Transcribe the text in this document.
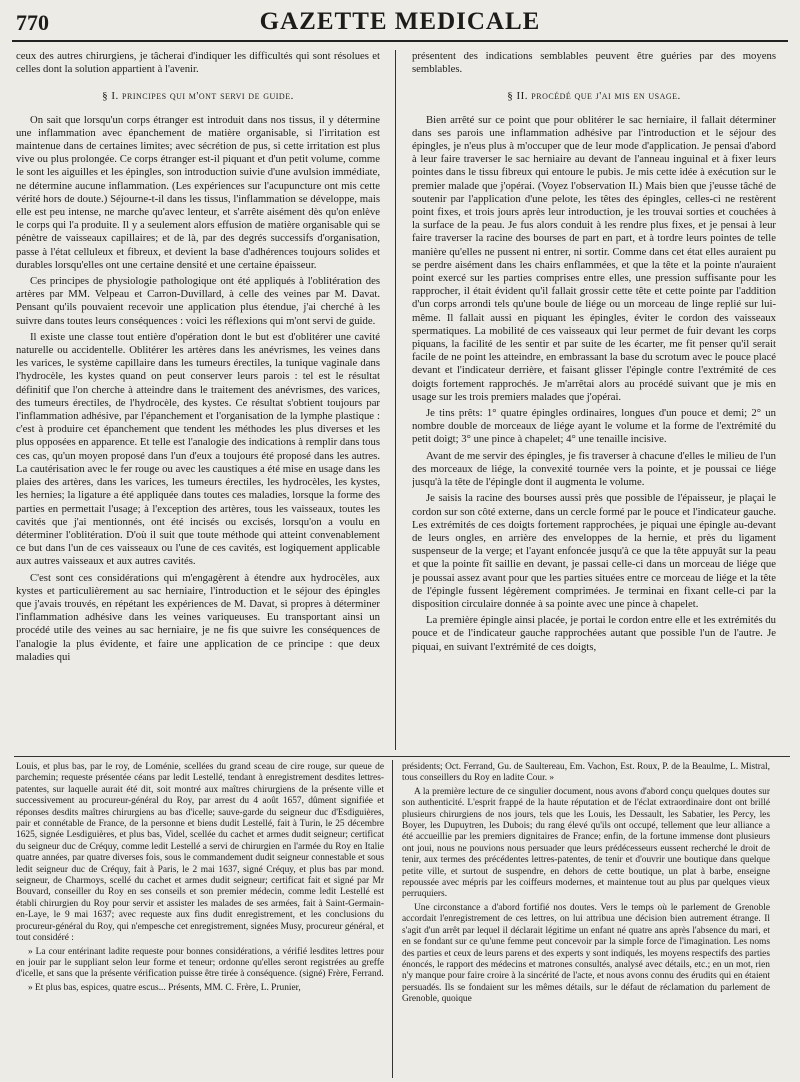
770	GAZETTE MEDICALE

ceux des autres chirurgiens, je tâcherai d'indiquer les difficultés qui sont résolues et celles dont la solution appartient à l'avenir.

§ I. principes qui m'ont servi de guide.

On sait que lorsqu'un corps étranger est introduit dans nos tissus, il y détermine une inflammation avec épanchement de matière organisable, si l'irritation est maintenue dans de certaines limites; avec sécrétion de pus, si cette irritation est plus vive ou plus prolongée. Ce corps étranger est-il piquant et d'un petit volume, comme le sont les aiguilles et les épingles, son introduction suivie d'une avulsion immédiate, ne détermine aucune inflammation. (Les expériences sur l'acupuncture ont mis cette vérité hors de doute.) Séjourne-t-il dans les tissus, l'inflammation se développe, mais elle est peu intense, ne marche qu'avec lenteur, et s'arrête aisément dès qu'on enlève le corps qui l'a produite. Il y a seulement alors effusion de matière organisable qui se pénètre de vaisseaux capillaires; et de là, par des degrés successifs d'organisation, passe à l'état celluleux et fibreux, et devient la base d'adhérences toujours solides et durables lorsqu'elles ont une certaine densité et une certaine épaisseur.

Ces principes de physiologie pathologique ont été appliqués à l'oblitération des artères par MM. Velpeau et Carron-Duvillard, à celle des veines par M. Davat. Pensant qu'ils pouvaient recevoir une application plus étendue, j'ai cherché à les suivre dans toutes leurs conséquences : voici les réflexions qui m'ont servi de guide.

Il existe une classe tout entière d'opération dont le but est d'oblitérer une cavité naturelle ou accidentelle. Oblitérer les artères dans les anévrismes, les veines dans les varices, le système capillaire dans les tumeurs érectiles, la tunique vaginale dans l'hydrocèle, les kystes quand on peut conserver leurs parois : tel est le résultat définitif que l'on cherche à atteindre dans le traitement des anévrismes, des varices, des tumeurs érectiles, de l'hydrocèle, des kystes. Ce résultat s'obtient toujours par l'inflammation adhésive, par l'épanchement et l'organisation de la lymphe plastique : c'est à produire cet épanchement que tendent les méthodes les plus diverses et les plus opposées en apparence. Et telle est l'analogie des indications à remplir dans tous ces cas, qu'un moyen proposé dans l'un d'eux a toujours été proposé dans les autres. La cautérisation avec le fer rouge ou avec les caustiques a été mise en usage dans les plaies des artères, dans les varices, les tumeurs érectiles, les hydrocèles, les kystes, les hernies; la ligature a été appliquée dans toutes ces maladies, lorsque la forme des parties en permettait l'usage; à l'exception des artères, tous les vaisseaux, toutes les cavités que j'ai mentionnés, ont été incisés ou excisés, lorsqu'on a voulu en déterminer l'oblitération. D'où il suit que toute méthode qui atteint convenablement ce but dans l'un de ces vaisseaux ou l'une de ces cavités, est logiquement applicable aux autres vaisseaux et aux autres cavités.

C'est sont ces considérations qui m'engagèrent à étendre aux hydrocèles, aux kystes et particulièrement au sac herniaire, l'introduction et le séjour des épingles que j'avais trouvés, en répétant les expériences de M. Davat, si propres à déterminer l'inflammation adhésive dans les veines variqueuses. Eu transportant ainsi un procédé utile des veines au sac herniaire, je ne fis que suivre les conséquences de l'analogie la plus évidente, et faire une application de ce principe : que deux maladies qui

présentent des indications semblables peuvent être guéries par des moyens semblables.

§ II. procédé que j'ai mis en usage.

Bien arrêté sur ce point que pour oblitérer le sac herniaire, il fallait déterminer dans ses parois une inflammation adhésive par l'introduction et le séjour des épingles, je n'eus plus à m'occuper que de leur mode d'application. Je pensai d'abord à leur faire traverser le sac herniaire au devant de l'anneau inguinal et à fixer leurs pointes dans le tissu fibreux qui entoure le pubis. Je mis cette idée à exécution sur le premier malade que j'opérai. (Voyez l'observation II.) Mais bien que j'eusse tâché de soutenir par l'application d'une pelote, les têtes des épingles, celles-ci ne restèrent point fixes, et trois jours après leur introduction, je les trouvai sorties et couchées à la surface de la peau. Je fus alors conduit à les rendre plus fixes, et je pensai à leur faire traverser la racine des bourses de part en part, et à tordre leurs pointes de telle manière qu'elles ne pussent ni entrer, ni sortir. Comme dans cet état elles auraient pu se perdre aisément dans les chairs enflammées, et que la tête et la pointe n'auraient point exercé sur les parties comprises entre elles, une pression suffisante pour les rapprocher, il était évident qu'il fallait grossir cette tête et cette pointe par l'addition d'un corps arrondi tels qu'une boule de liége ou un morceau de linge replié sur lui-même. Il fallait aussi en piquant les épingles, éviter le cordon des vaisseaux spermatiques. La mobilité de ces vaisseaux qui leur permet de fuir devant les corps piquans, la facilité de les sentir et par suite de les écarter, me fit penser qu'il serait facile de ne point les atteindre, en embrassant la base du scrotum avec le pouce placé devant et l'indicateur derrière, et faisant glisser l'épingle contre l'extrémité de ces doigts fortement rapprochés. Je m'arrêtai alors au procédé suivant que je mis en usage sur les trois premiers malades que j'opérai.

Je tins prêts: 1° quatre épingles ordinaires, longues d'un pouce et demi; 2° un nombre double de morceaux de liége ayant le volume et la forme de l'extrémité du petit doigt; 3° une pince à chapelet; 4° une tenaille incisive.

Avant de me servir des épingles, je fis traverser à chacune d'elles le milieu de l'un des morceaux de liége, la convexité tournée vers la pointe, et je poussai ce liége jusqu'à la tête de l'épingle dont il augmenta le volume.

Je saisis la racine des bourses aussi près que possible de l'épaisseur, je plaçai le cordon sur son côté externe, dans un cercle formé par le pouce et l'indicateur gauche. Les extrémités de ces doigts fortement rapprochées, je piquai une épingle au-devant de leurs ongles, en arrière des enveloppes de la hernie, et près du ligament suspenseur de la verge; et l'ayant enfoncée jusqu'à ce que la tête appuyât sur la peau et que la pointe fît saillie en devant, je passai celle-ci dans un morceau de liége que je poussai assez avant pour que les parties situées entre ce morceau de liége et la tête de l'épingle fussent légèrement comprimées. Je terminai en fixant celle-ci par la disposition circulaire donnée à sa pointe avec une pince à chapelet.

La première épingle ainsi placée, je portai le cordon entre elle et les extrémités du pouce et de l'indicateur gauche rapprochées autant que possible l'un de l'autre. Je piquai, en suivant l'extrémité de ces doigts,

Louis, et plus bas, par le roy, de Loménie, scellées du grand sceau de cire rouge, sur queue de parchemin; requeste présentée céans par ledit Lestellé, tendant à enregistrement desdites lettres-patentes, sur laquelle aurait été dit, soit montré aux maîtres chirurgiens de la présente ville et successivement au procureur-général du Roy, par arrest du 4 août 1657, dûment signifiée et réponses desdits maîtres chirurgiens au bas d'icelle; sauve-garde du seigneur duc d'Esdiguières, pair et connétable de France, de la personne et biens dudit Lestellé, fait à Turin, le 25 décembre 1625, signée Lesdiguières, et plus bas, Videl, scellée du cachet et armes dudit seigneur; certificat du seigneur duc de Créquy, comme ledit Lestellé a servi de chirurgien en l'armée du Roy en Italie quatre années, par quatre diverses fois, sous le commandement dudit seigneur connestable et sous ledit seigneur duc de Créquy, fait à Paris, le 2 mai 1637, signé Créquy, et plus bas par mond. seigneur, de Charmoys, scellé du cachet et armes dudit seigneur; certificat fait et signé par Mr Bouvard, conseiller du Roy en ses conseils et son premier médecin, comme ledit Lestellé est établi chirurgien du Roy pour servir et assister les malades de ses armées, fait à Saint-Germain-en-Laye, le 9 mai 1637; avec requeste aux fins dudit enregistrement, et les conclusions du procureur-général du Roy, qui n'empesche cet enregistrement, signées Musy, procureur général, et tout considéré :

» La cour entérinant ladite requeste pour bonnes considérations, a vérifié lesdites lettres pour en jouir par le suppliant selon leur forme et teneur; ordonne qu'elles seront registrées au greffe d'icelle, et sans que la présente vérification puisse être tirée à conséquence. (signé) Frère, Ferrand.

» Et plus bas, espices, quatre escus... Présents, MM. C. Frère, L. Prunier,

présidents; Oct. Ferrand, Gu. de Saultereau, Em. Vachon, Est. Roux, P. de la Beaulme, L. Mistral, tous conseillers du Roy en ladite Cour. »

A la première lecture de ce singulier document, nous avons d'abord conçu quelques doutes sur son authenticité. L'esprit frappé de la haute réputation et de l'éclat extraordinaire dont ont brillé plusieurs chirurgiens de nos jours, tels que les Louis, les Dessault, les Sabatier, les Percy, les Boyer, les Dupuytren, les Dubois; du rang élevé qu'ils ont occupé, tellement que leur alliance a été accueillie par les premiers dignitaires de France; enfin, de la fortune immense dont plusieurs ont joui, nous ne pouvions nous persuader que leurs prédécesseurs eussent recherché le droit de tenir, aux termes des précédentes lettres-patentes, de tenir et d'ouvrir une boutique dans quelque petite ville, et surtout de suspendre, en dehors de cette boutique, un plat à barbe, enseigne repoussée avec mépris par les coiffeurs modernes, et maintenue tout au plus par quelques vieux perruquiers.

Une circonstance a d'abord fortifié nos doutes. Vers le temps où le parlement de Grenoble accordait l'enregistrement de ces lettres, on lui attribua une décision bien autrement étrange. Il s'agit d'un arrêt par lequel il déclarait légitime un enfant né quatre ans après l'absence du mari, et en se fondant sur ce qu'une femme peut concevoir par la simple force de l'imagination. Les noms des parties et ceux de leurs parens et des experts y sont indiqués, les moyens respectifs des parties énoncés, le rapport des médecins et matrones consultés, analysé avec détails, etc.; en un mot, rien n'y manque pour faire croire à la sincérité de l'acte, et nous avons connu des érudits qui en étaient persuadés. Ils se fondaient sur les mêmes détails, sur le défaut de réclamation du parlement de Grenoble, quoique
